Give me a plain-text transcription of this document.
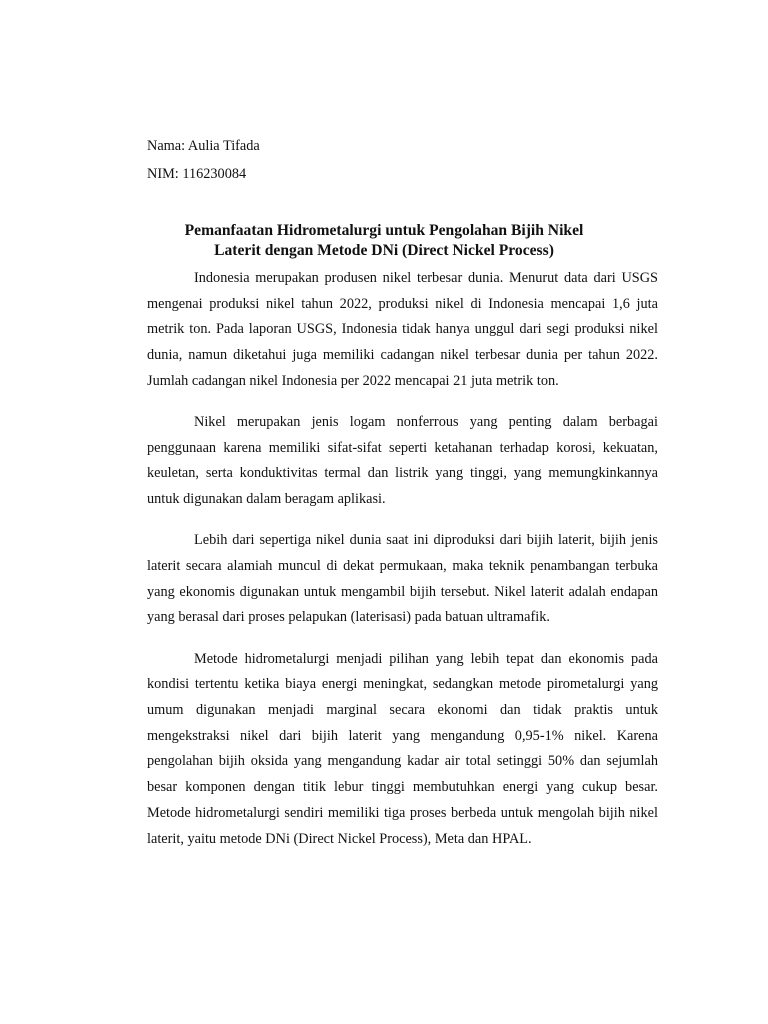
Nama: Aulia Tifada
NIM: 116230084
Pemanfaatan Hidrometalurgi untuk Pengolahan Bijih Nikel
Laterit dengan Metode DNi (Direct Nickel Process)

Indonesia merupakan produsen nikel terbesar dunia. Menurut data dari USGS mengenai produksi nikel tahun 2022, produksi nikel di Indonesia mencapai 1,6 juta metrik ton. Pada laporan USGS, Indonesia tidak hanya unggul dari segi produksi nikel dunia, namun diketahui juga memiliki cadangan nikel terbesar dunia per tahun 2022. Jumlah cadangan nikel Indonesia per 2022 mencapai 21 juta metrik ton.

Nikel merupakan jenis logam nonferrous yang penting dalam berbagai penggunaan karena memiliki sifat-sifat seperti ketahanan terhadap korosi, kekuatan, keuletan, serta konduktivitas termal dan listrik yang tinggi, yang memungkinkannya untuk digunakan dalam beragam aplikasi.

Lebih dari sepertiga nikel dunia saat ini diproduksi dari bijih laterit, bijih jenis laterit secara alamiah muncul di dekat permukaan, maka teknik penambangan terbuka yang ekonomis digunakan untuk mengambil bijih tersebut. Nikel laterit adalah endapan yang berasal dari proses pelapukan (laterisasi) pada batuan ultramafik.

Metode hidrometalurgi menjadi pilihan yang lebih tepat dan ekonomis pada kondisi tertentu ketika biaya energi meningkat, sedangkan metode pirometalurgi yang umum digunakan menjadi marginal secara ekonomi dan tidak praktis untuk mengekstraksi nikel dari bijih laterit yang mengandung 0,95-1% nikel. Karena pengolahan bijih oksida yang mengandung kadar air total setinggi 50% dan sejumlah besar komponen dengan titik lebur tinggi membutuhkan energi yang cukup besar. Metode hidrometalurgi sendiri memiliki tiga proses berbeda untuk mengolah bijih nikel laterit, yaitu metode DNi (Direct Nickel Process), Meta dan HPAL.
